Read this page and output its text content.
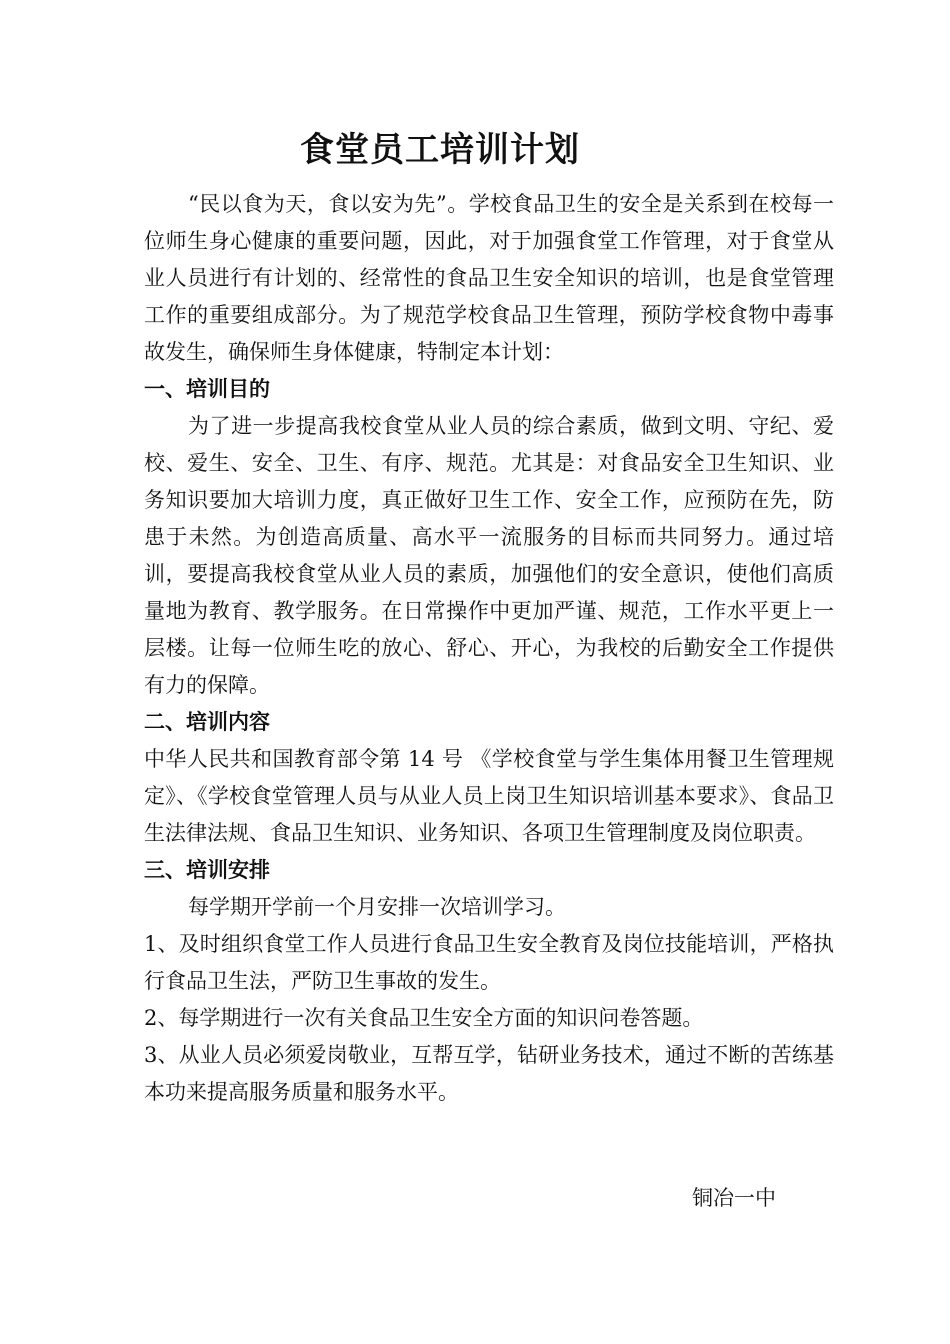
食堂员工培训计划

“民以食为天，食以安为先”。学校食品卫生的安全是关系到在校每一位师生身心健康的重要问题，因此，对于加强食堂工作管理，对于食堂从业人员进行有计划的、经常性的食品卫生安全知识的培训，也是食堂管理工作的重要组成部分。为了规范学校食品卫生管理，预防学校食物中毒事故发生，确保师生身体健康，特制定本计划：

一、培训目的

为了进一步提高我校食堂从业人员的综合素质，做到文明、守纪、爱校、爱生、安全、卫生、有序、规范。尤其是：对食品安全卫生知识、业务知识要加大培训力度，真正做好卫生工作、安全工作，应预防在先，防患于未然。为创造高质量、高水平一流服务的目标而共同努力。通过培训，要提高我校食堂从业人员的素质，加强他们的安全意识，使他们高质量地为教育、教学服务。在日常操作中更加严谨、规范，工作水平更上一层楼。让每一位师生吃的放心、舒心、开心，为我校的后勤安全工作提供有力的保障。

二、培训内容

中华人民共和国教育部令第 14 号 《学校食堂与学生集体用餐卫生管理规定》、《学校食堂管理人员与从业人员上岗卫生知识培训基本要求》、食品卫生法律法规、食品卫生知识、业务知识、各项卫生管理制度及岗位职责。

三、培训安排

每学期开学前一个月安排一次培训学习。

1、及时组织食堂工作人员进行食品卫生安全教育及岗位技能培训，严格执行食品卫生法，严防卫生事故的发生。

2、每学期进行一次有关食品卫生安全方面的知识问卷答题。

3、从业人员必须爱岗敬业，互帮互学，钻研业务技术，通过不断的苦练基本功来提高服务质量和服务水平。

铜冶一中
